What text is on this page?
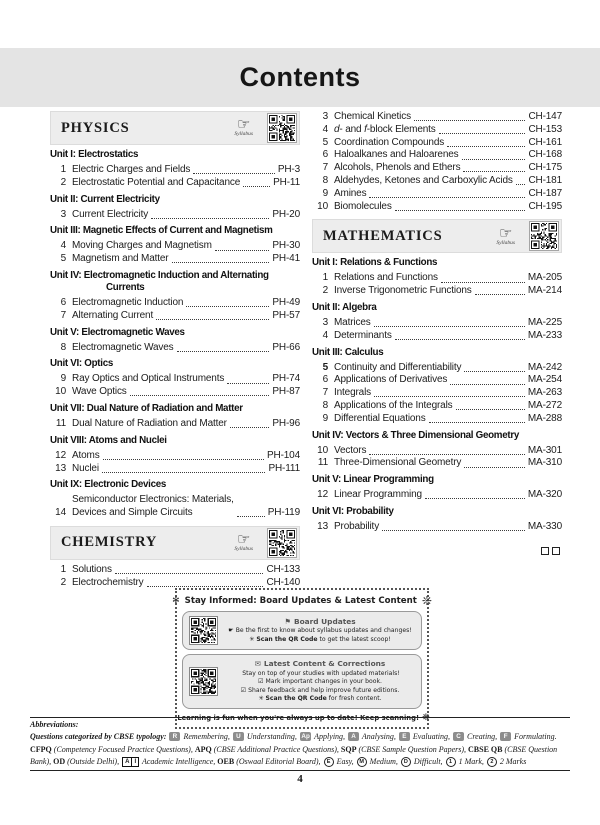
Contents
PHYSICS	☞
Syllabus
Unit I: Electrostatics
1 Electric Charges and Fields	PH-3
2 Electrostatic Potential and Capacitance	PH-11
Unit II: Current Electricity
3 Current Electricity	PH-20
Unit III: Magnetic Effects of Current and Magnetism
4 Moving Charges and Magnetism	PH-30
5 Magnetism and Matter	PH-41
Unit IV: Electromagnetic Induction and Alternating Currents
6 Electromagnetic Induction	PH-49
7 Alternating Current	PH-57
Unit V: Electromagnetic Waves
8 Electromagnetic Waves	PH-66
Unit VI: Optics
9 Ray Optics and Optical Instruments	PH-74
10 Wave Optics	PH-87
Unit VII: Dual Nature of Radiation and Matter
11 Dual Nature of Radiation and Matter	PH-96
Unit VIII: Atoms and Nuclei
12 Atoms	PH-104
13 Nuclei	PH-111
Unit IX: Electronic Devices
14
Semiconductor Electronics: Materials,
Devices and Simple Circuits	PH-119
CHEMISTRY	☞
Syllabus
1 Solutions	CH-133
2 Electrochemistry	CH-140
3 Chemical Kinetics	CH-147
4 d- and f-block Elements	CH-153
5 Coordination Compounds	CH-161
6 Haloalkanes and Haloarenes	CH-168
7 Alcohols, Phenols and Ethers	CH-175
8 Aldehydes, Ketones and Carboxylic Acids CH-181
9 Amines	CH-187
10 Biomolecules	CH-195
MATHEMATICS	☞
Syllabus
Unit I: Relations & Functions
1 Relations and Functions	MA-205
2 Inverse Trigonometric Functions	MA-214
Unit II: Algebra
3 Matrices	MA-225
4 Determinants	MA-233
Unit III: Calculus
5 Continuity and Differentiability	MA-242
6 Applications of Derivatives	MA-254
7 Integrals	MA-263
8 Applications of the Integrals	MA-272
9 Differential Equations	MA-288
Unit IV: Vectors & Three Dimensional Geometry
10 Vectors	MA-301
11 Three-Dimensional Geometry	MA-310
Unit V: Linear Programming
12 Linear Programming	MA-320
Unit VI: Probability
13 Probability	MA-330
✻ Stay Informed: Board Updates & Latest Content ❊
⚑ Board Updates
☛ Be the first to know about syllabus updates and changes!
✳ Scan the QR Code to get the latest scoop!
✉ Latest Content & Corrections
Stay on top of your studies with updated materials!
☑ Mark important changes in your book.
☑ Share feedback and help improve future editions.
✳ Scan the QR Code for fresh content.
Learning is fun when you're always up to date! Keep scanning! ❋
Abbreviations:
Questions categorized by CBSE typology: R Remembering, U Understanding, Ap Applying, A Analysing, E Evaluating, C Creating, F Formulating.
CFPQ (Competency Focused Practice Questions), APQ (CBSE Additional Practice Questions), SQP (CBSE Sample Question Papers), CBSE QB (CBSE Question Bank), OD (Outside Delhi), A I Academic Intelligence, OEB (Oswaal Editorial Board), E Easy, M Medium, D Difficult, 1 1 Mark, 2 2 Marks
4
